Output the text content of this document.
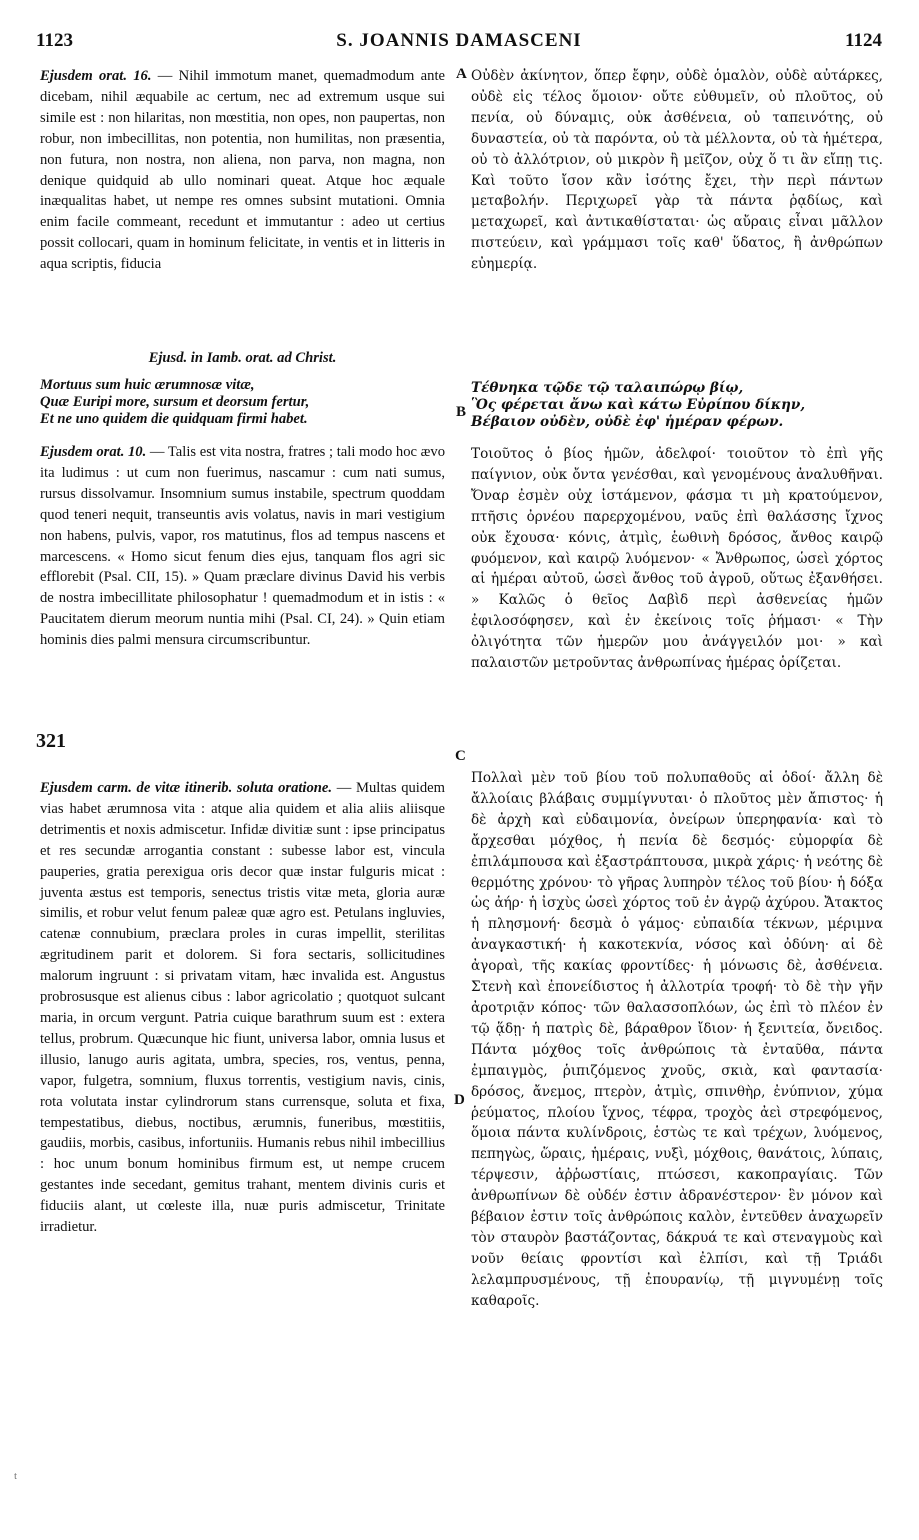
1123	S. JOANNIS DAMASCENI	1124

Ejusdem orat. 16. — Nihil immotum manet, quemadmodum ante dicebam, nihil æquabile ac certum, nec ad extremum usque sui simile est : non hilaritas, non mœstitia, non opes, non paupertas, non robur, non imbecillitas, non potentia, non humilitas, non præsentia, non futura, non nostra, non aliena, non parva, non magna, non denique quidquid ab ullo nominari queat. Atque hoc æquale inæqualitas habet, ut nempe res omnes subsint mutationi. Omnia enim facile commeant, recedunt et immutantur : adeo ut certius possit collocari, quam in hominum felicitate, in ventis et in litteris in aqua scriptis, fiducia

Ejusd. in Iamb. orat. ad Christ.

Mortuus sum huic ærumnosæ vitæ,
Quæ Euripi more, sursum et deorsum fertur,
Et ne uno quidem die quidquam firmi habet.

Ejusdem orat. 10. — Talis est vita nostra, fratres ; tali modo hoc ævo ita ludimus : ut cum non fuerimus, nascamur : cum nati sumus, rursus dissolvamur. Insomnium sumus instabile, spectrum quoddam quod teneri nequit, transeuntis avis volatus, navis in mari vestigium non habens, pulvis, vapor, ros matutinus, flos ad tempus nascens et marcescens. « Homo sicut fenum dies ejus, tanquam flos agri sic efflorebit (Psal. CII, 15). » Quam præclare divinus David his verbis de nostra imbecillitate philosophatur ! quemadmodum et in istis : « Paucitatem dierum meorum nuntia mihi (Psal. CI, 24). » Quin etiam hominis dies palmi mensura circumscribuntur.

Ejusdem carm. de vitæ itinerib. soluta oratione. — Multas quidem vias habet ærumnosa vita : atque alia quidem et alia aliis aliisque detrimentis et noxis admiscetur. Infidæ divitiæ sunt : ipse principatus et res secundæ arrogantia constant : subesse labor est, vincula pauperies, gratia perexigua oris decor quæ instar fulguris micat : juventa æstus est temporis, senectus tristis vitæ meta, gloria auræ similis, et robur velut fenum paleæ quæ agro est. Petulans ingluvies, catenæ connubium, præclara proles in curas impellit, sterilitas ægritudinem parit et dolorem. Si fora sectaris, sollicitudines malorum ingruunt : si privatam vitam, hæc invalida est. Angustus probrosusque est alienus cibus : labor agricolatio ; quotquot sulcant maria, in orcum vergunt. Patria cuique barathrum suum est : extera tellus, probrum. Quæcunque hic fiunt, universa labor, omnia lusus et illusio, lanugo auris agitata, umbra, species, ros, ventus, penna, vapor, fulgetra, somnium, fluxus torrentis, vestigium navis, cinis, rota volutata instar cylindrorum stans currensque, soluta et fixa, tempestatibus, diebus, noctibus, ærumnis, funeribus, mœstitiis, gaudiis, morbis, casibus, infortuniis. Humanis rebus nihil imbecillius : hoc unum bonum hominibus firmum est, ut nempe crucem gestantes inde secedant, gemitus trahant, mentem divinis curis et fiduciis alant, ut cœleste illa, nuæ puris admiscetur, Trinitate irradietur.

Οὐδὲν ἀκίνητον, ὅπερ ἔφην, οὐδὲ ὁμαλὸν, οὐδὲ αὐτάρκες, οὐδὲ εἰς τέλος ὅμοιον· οὔτε εὐθυμεῖν, οὐ πλοῦτος, οὐ πενία, οὐ δύναμις, οὐκ ἀσθένεια, οὐ ταπεινότης, οὐ δυναστεία, οὐ τὰ παρόντα, οὐ τὰ μέλλοντα, οὐ τὰ ἡμέτερα, οὐ τὸ ἀλλότριον, οὐ μικρὸν ἢ μεῖζον, οὐχ ὅ τι ἂν εἴπῃ τις. Καὶ τοῦτο ἴσον κἂν ἰσότης ἔχει, τὴν περὶ πάντων μεταβολήν. Περιχωρεῖ γὰρ τὰ πάντα ῥᾳδίως, καὶ μεταχωρεῖ, καὶ ἀντικαθίσταται· ὡς αὔραις εἶναι μᾶλλον πιστεύειν, καὶ γράμμασι τοῖς καθ' ὕδατος, ἢ ἀνθρώπων εὐημερίᾳ.

Τέθνηκα τῷδε τῷ ταλαιπώρῳ βίῳ,
Ὃς φέρεται ἄνω καὶ κάτω Εὐρίπου δίκην,
Βέβαιον οὐδὲν, οὐδὲ ἐφ' ἡμέραν φέρων.

Τοιοῦτος ὁ βίος ἡμῶν, ἀδελφοί· τοιοῦτον τὸ ἐπὶ γῆς παίγνιον, οὐκ ὄντα γενέσθαι, καὶ γενομένους ἀναλυθῆναι. Ὄναρ ἐσμὲν οὐχ ἱστάμενον, φάσμα τι μὴ κρατούμενον, πτῆσις ὀρνέου παρερχομένου, ναῦς ἐπὶ θαλάσσης ἴχνος οὐκ ἔχουσα· κόνις, ἀτμὶς, ἑωθινὴ δρόσος, ἄνθος καιρῷ φυόμενον, καὶ καιρῷ λυόμενον· « Ἄνθρωπος, ὡσεὶ χόρτος αἱ ἡμέραι αὐτοῦ, ὡσεὶ ἄνθος τοῦ ἀγροῦ, οὕτως ἐξανθήσει. » Καλῶς ὁ θεῖος Δαβὶδ περὶ ἀσθενείας ἡμῶν ἐφιλοσόφησεν, καὶ ἐν ἐκείνοις τοῖς ῥήμασι· « Τὴν ὀλιγότητα τῶν ἡμερῶν μου ἀνάγγειλόν μοι· » καὶ παλαιστῶν μετροῦντας ἀνθρωπίνας ἡμέρας ὁρίζεται.

Πολλαὶ μὲν τοῦ βίου τοῦ πολυπαθοῦς αἱ ὁδοί· ἄλλη δὲ ἄλλοίαις βλάβαις συμμίγνυται· ὁ πλοῦτος μὲν ἄπιστος· ἡ δὲ ἀρχὴ καὶ εὐδαιμονία, ὀνείρων ὑπερηφανία· καὶ τὸ ἄρχεσθαι μόχθος, ἡ πενία δὲ δεσμός· εὐμορφία δὲ ἐπιλάμπουσα καὶ ἐξαστράπτουσα, μικρὰ χάρις· ἡ νεότης δὲ θερμότης χρόνου· τὸ γῆρας λυπηρὸν τέλος τοῦ βίου· ἡ δόξα ὡς ἀήρ· ἡ ἰσχὺς ὡσεὶ χόρτος τοῦ ἐν ἀγρῷ ἀχύρου. Ἄτακτος ἡ πλησμονή· δεσμὰ ὁ γάμος· εὐπαιδία τέκνων, μέριμνα ἀναγκαστική· ἡ κακοτεκνία, νόσος καὶ ὀδύνη· αἱ δὲ ἀγοραὶ, τῆς κακίας φροντίδες· ἡ μόνωσις δὲ, ἀσθένεια. Στενὴ καὶ ἐπονείδιστος ἡ ἀλλοτρία τροφή· τὸ δὲ τὴν γῆν ἀροτριᾷν κόπος· τῶν θαλασσοπλόων, ὡς ἐπὶ τὸ πλέον ἐν τῷ ᾅδῃ· ἡ πατρὶς δὲ, βάραθρον ἴδιον· ἡ ξενιτεία, ὄνειδος. Πάντα μόχθος τοῖς ἀνθρώποις τὰ ἐνταῦθα, πάντα ἐμπαιγμὸς, ῥιπιζόμενος χνοῦς, σκιὰ, καὶ φαντασία· δρόσος, ἄνεμος, πτερὸν, ἀτμὶς, σπινθὴρ, ἐνύπνιον, χύμα ῥεύματος, πλοίου ἴχνος, τέφρα, τροχὸς ἀεὶ στρεφόμενος, ὅμοια πάντα κυλίνδροις, ἑστὼς τε καὶ τρέχων, λυόμενος, πεπηγὼς, ὥραις, ἡμέραις, νυξὶ, μόχθοις, θανάτοις, λύπαις, τέρψεσιν, ἀῤῥωστίαις, πτώσεσι, κακοπραγίαις. Τῶν ἀνθρωπίνων δὲ οὐδέν ἐστιν ἀδρανέστερον· ἓν μόνον καὶ βέβαιον ἐστιν τοῖς ἀνθρώποις καλὸν, ἐντεῦθεν ἀναχωρεῖν τὸν σταυρὸν βαστάζοντας, δάκρυά τε καὶ στεναγμοὺς καὶ νοῦν θείαις φροντίσι καὶ ἐλπίσι, καὶ τῇ Τριάδι λελαμπρυσμένους, τῇ ἐπουρανίῳ, τῇ μιγνυμένῃ τοῖς καθαροῖς.

A
B
C
D
321
t
